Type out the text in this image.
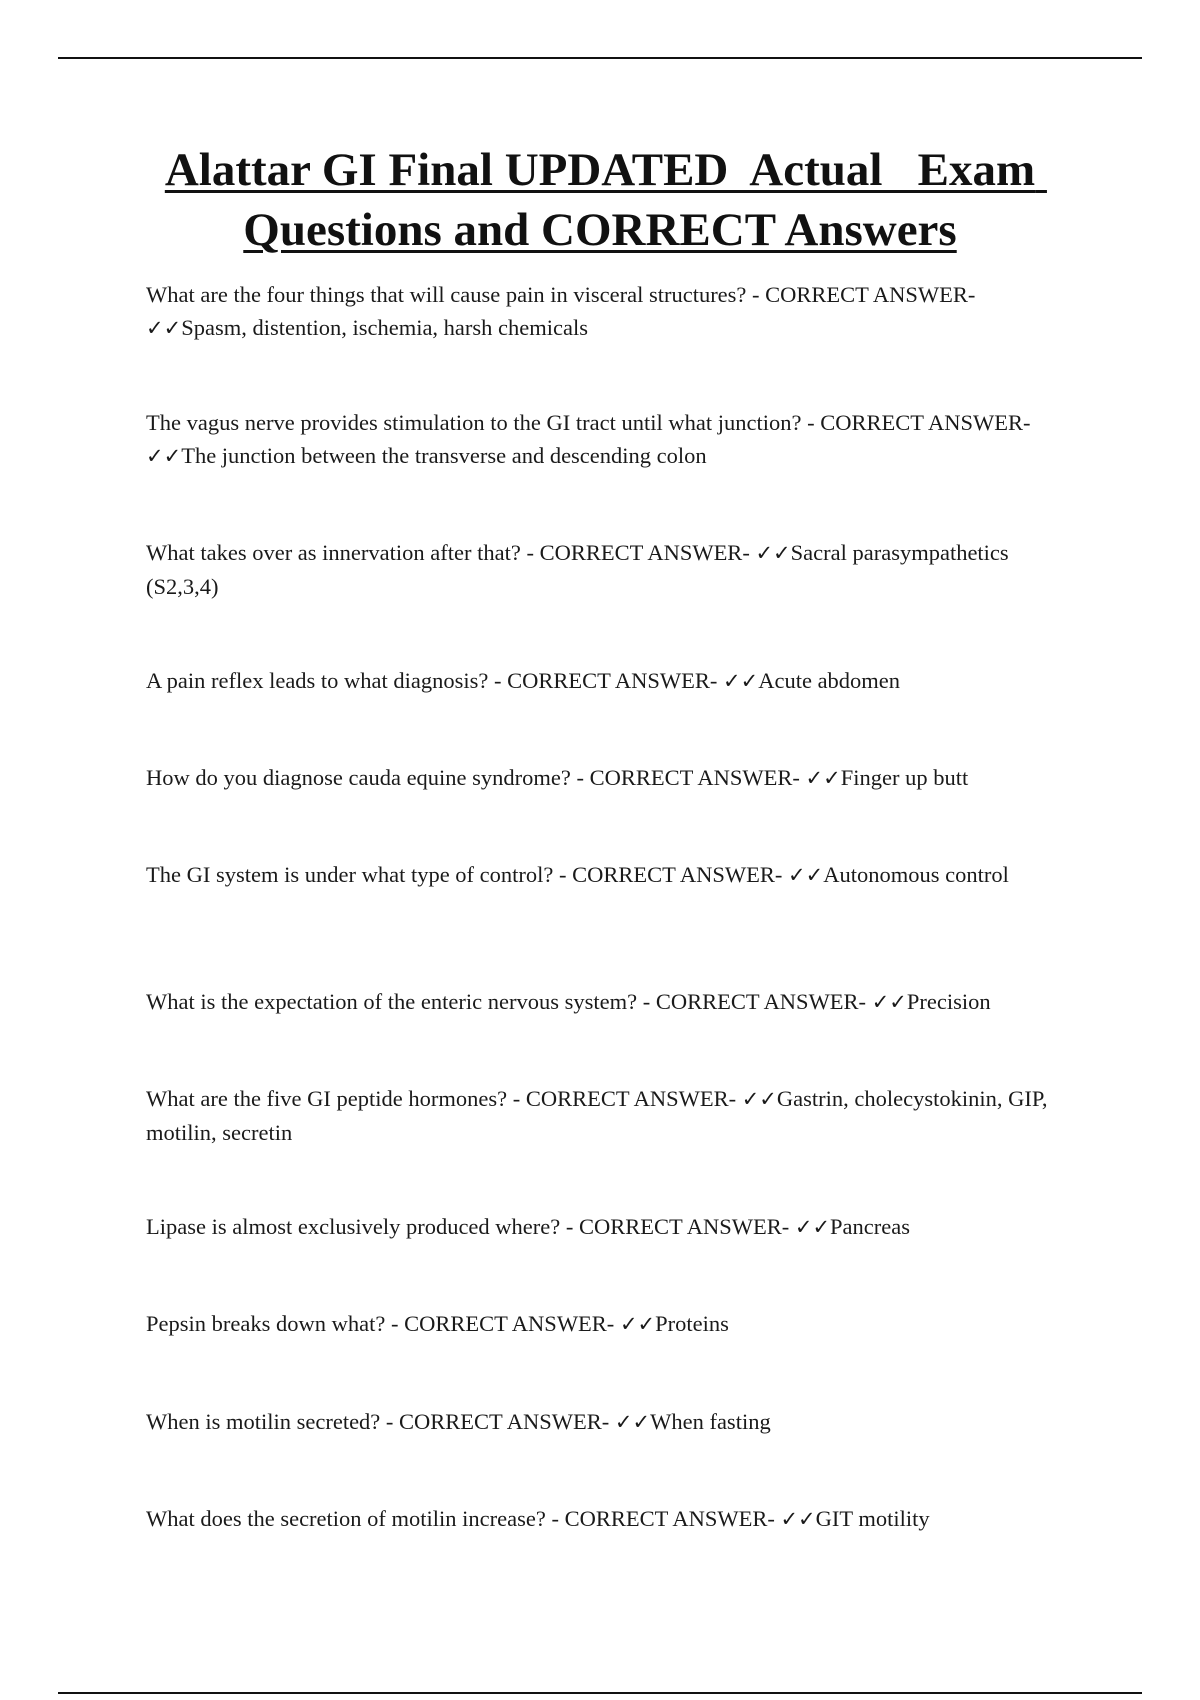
Alattar GI Final UPDATED  Actual   Exam Questions and CORRECT Answers

What are the four things that will cause pain in visceral structures? - CORRECT ANSWER- ✓✓Spasm, distention, ischemia, harsh chemicals

The vagus nerve provides stimulation to the GI tract until what junction? - CORRECT ANSWER- ✓✓The junction between the transverse and descending colon

What takes over as innervation after that? - CORRECT ANSWER- ✓✓Sacral parasympathetics (S2,3,4)

A pain reflex leads to what diagnosis? - CORRECT ANSWER- ✓✓Acute abdomen

How do you diagnose cauda equine syndrome? - CORRECT ANSWER- ✓✓Finger up butt

The GI system is under what type of control? - CORRECT ANSWER- ✓✓Autonomous control

What is the expectation of the enteric nervous system? - CORRECT ANSWER- ✓✓Precision

What are the five GI peptide hormones? - CORRECT ANSWER- ✓✓Gastrin, cholecystokinin, GIP, motilin, secretin

Lipase is almost exclusively produced where? - CORRECT ANSWER- ✓✓Pancreas

Pepsin breaks down what? - CORRECT ANSWER- ✓✓Proteins

When is motilin secreted? - CORRECT ANSWER- ✓✓When fasting

What does the secretion of motilin increase? - CORRECT ANSWER- ✓✓GIT motility
